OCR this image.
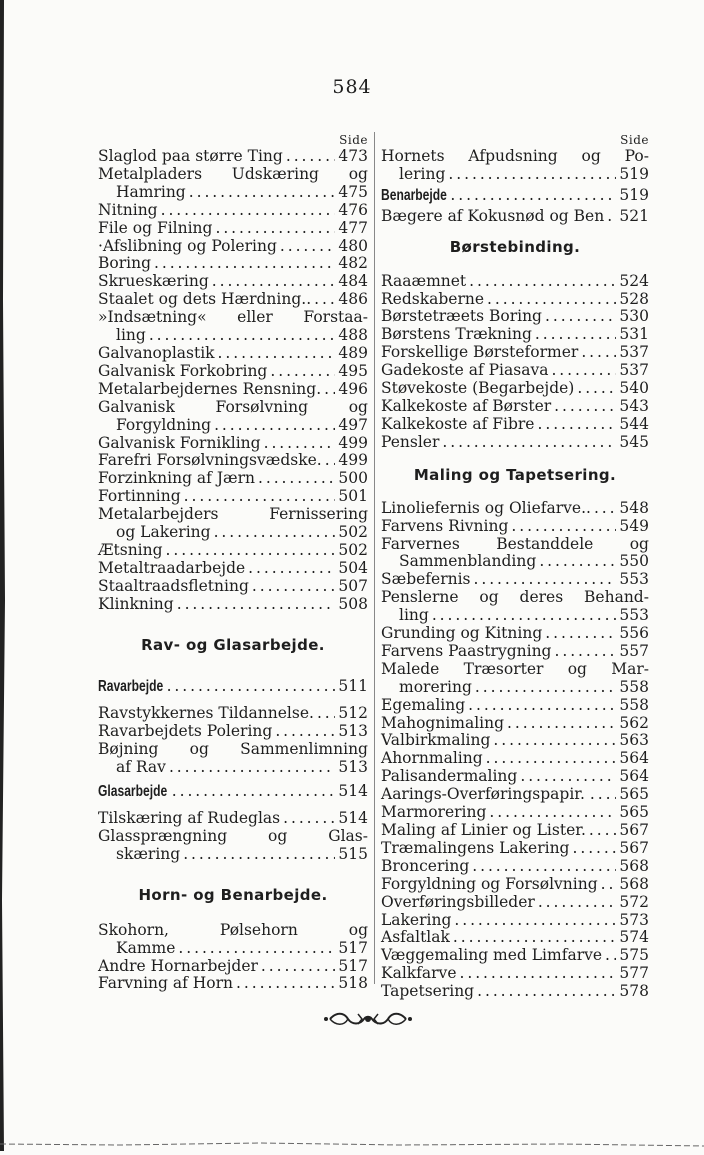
584
Side
Slaglod paa større Ting . . .	473
Metalpladers Udskæring og
Hamring . . .	475
Nitning . . .	476
File og Filning . . .	477
·Afslibning og Polering . . .	480
Boring . . .	482
Skrueskæring . . .	484
Staalet og dets Hærdning.. . . . 486
»Indsætning« eller Forstaa-
ling . . .	488
Galvanoplastik . . .	489
Galvanisk Forkobring . . .	495
Metalarbejdernes Rensning. . . . 496
Galvanisk	Forsølvning	og
Forgyldning . . .	497
Galvanisk Fornikling . . .	499
Farefri Forsølvningsvædske. . . . 499
Forzinkning af Jærn . . .	500
Fortinning . . .	501
Metalarbejders	Fernissering
og Lakering . . .	502
Ætsning . . .	502
Metaltraadarbejde . . .	504
Staaltraadsfletning . . .	507
Klinkning . . .	508
Rav- og Glasarbejde.
Ravarbejde . . .	511
Ravstykkernes Tildannelse. . . . 512
Ravarbejdets Polering . . .	513
Bøjning og Sammenlimning
af Rav . . .	513
Glasarbejde . . .	514
Tilskæring af Rudeglas . . .	514
Glassprængning	og	Glas-
skæring . . .	515
Horn- og Benarbejde.
Skohorn,	Pølsehorn	og
Kamme . . .	517
Andre Hornarbejder . . .	517
Farvning af Horn . . .	518
Side
Hornets Afpudsning og Po-
lering . . .	519
Benarbejde . . .	519
Bægere af Kokusnød og Ben . . . 521
Børstebinding.
Raaæmnet . . .	524
Redskaberne . . .	528
Børstetræets Boring . . .	530
Børstens Trækning . . .	531
Forskellige Børsteformer . . .	537
Gadekoste af Piasava . . .	537
Støvekoste (Begarbejde) . . .	540
Kalkekoste af Børster . . .	543
Kalkekoste af Fibre . . .	544
Pensler . . .	545
Maling og Tapetsering.
Linoliefernis og Oliefarve.. . . . 548
Farvens Rivning . . .	549
Farvernes Bestanddele og
Sammenblanding . . .	550
Sæbefernis . . .	553
Penslerne og deres Behand-
ling . . .	553
Grunding og Kitning . . .	556
Farvens Paastrygning . . .	557
Malede Træsorter og Mar-
morering . . .	558
Egemaling . . .	558
Mahognimaling . . .	562
Valbirkmaling . . .	563
Ahornmaling . . .	564
Palisandermaling . . .	564
Aarings-Overføringspapir. . . . . 565
Marmorering . . .	565
Maling af Linier og Lister. . . . 567
Træmalingens Lakering . . .	567
Broncering . . .	568
Forgyldning og Forsølvning . . . 568
Overføringsbilleder . . .	572
Lakering . . .	573
Asfaltlak . . .	574
Væggemaling med Limfarve . . . 575
Kalkfarve . . .	577
Tapetsering . . .	578
